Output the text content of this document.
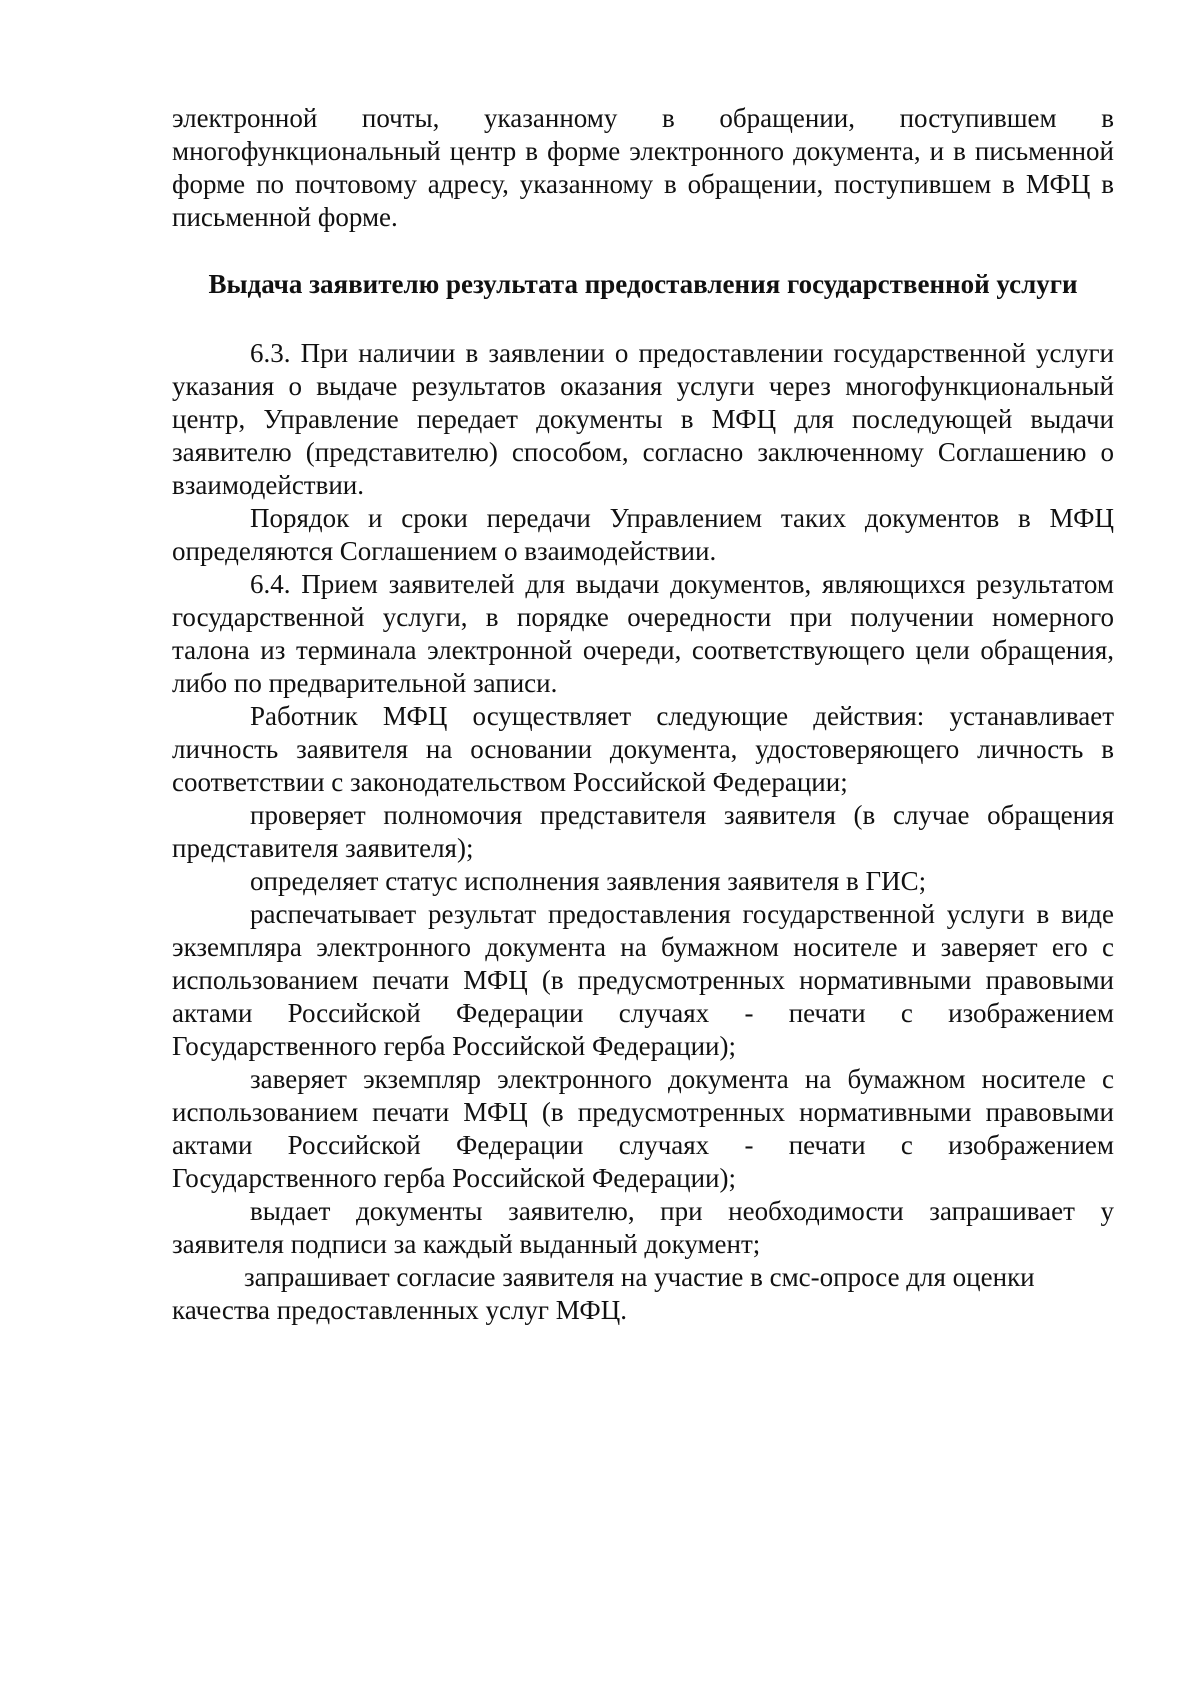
электронной почты, указанному в обращении, поступившем в многофункциональный центр в форме электронного документа, и в письменной форме по почтовому адресу, указанному в обращении, поступившем в МФЦ в письменной форме.

Выдача заявителю результата предоставления государственной услуги

6.3. При наличии в заявлении о предоставлении государственной услуги указания о выдаче результатов оказания услуги через многофункциональный центр, Управление передает документы в МФЦ для последующей выдачи заявителю (представителю) способом, согласно заключенному Соглашению о взаимодействии.

Порядок и сроки передачи Управлением таких документов в МФЦ определяются Соглашением о взаимодействии.

6.4. Прием заявителей для выдачи документов, являющихся результатом государственной услуги, в порядке очередности при получении номерного талона из терминала электронной очереди, соответствующего цели обращения, либо по предварительной записи.

Работник МФЦ осуществляет следующие действия: устанавливает личность заявителя на основании документа, удостоверяющего личность в соответствии с законодательством Российской Федерации;

проверяет полномочия представителя заявителя (в случае обращения представителя заявителя);

определяет статус исполнения заявления заявителя в ГИС;

распечатывает результат предоставления государственной услуги в виде экземпляра электронного документа на бумажном носителе и заверяет его с использованием печати МФЦ (в предусмотренных нормативными правовыми актами Российской Федерации случаях - печати с изображением Государственного герба Российской Федерации);

заверяет экземпляр электронного документа на бумажном носителе с использованием печати МФЦ (в предусмотренных нормативными правовыми актами Российской Федерации случаях - печати с изображением Государственного герба Российской Федерации);

выдает документы заявителю, при необходимости запрашивает у заявителя подписи за каждый выданный документ;

запрашивает согласие заявителя на участие в смс-опросе для оценки качества предоставленных услуг МФЦ.
